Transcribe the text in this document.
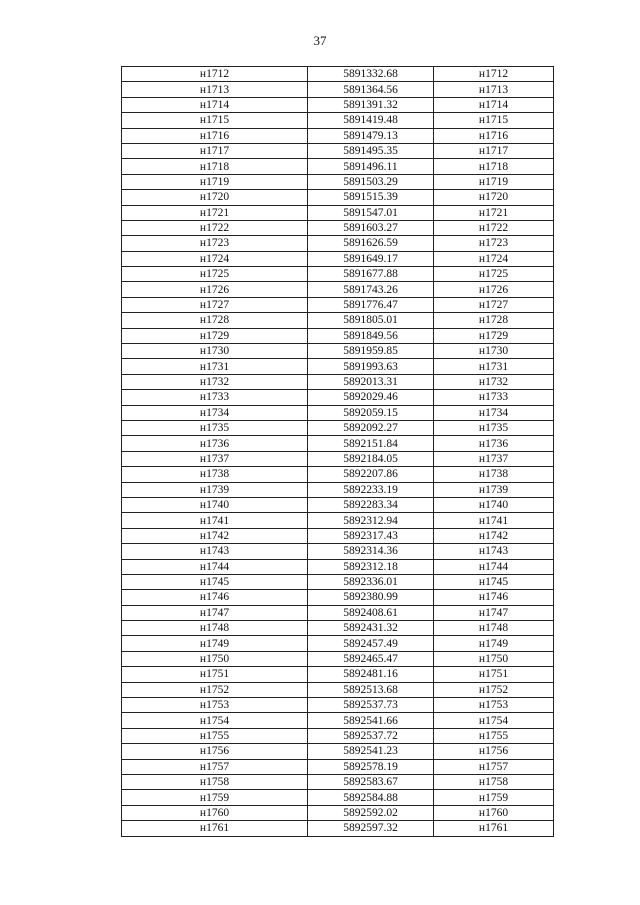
37
н1712	5891332.68	н1712
н1713	5891364.56	н1713
н1714	5891391.32	н1714
н1715	5891419.48	н1715
н1716	5891479.13	н1716
н1717	5891495.35	н1717
н1718	5891496.11	н1718
н1719	5891503.29	н1719
н1720	5891515.39	н1720
н1721	5891547.01	н1721
н1722	5891603.27	н1722
н1723	5891626.59	н1723
н1724	5891649.17	н1724
н1725	5891677.88	н1725
н1726	5891743.26	н1726
н1727	5891776.47	н1727
н1728	5891805.01	н1728
н1729	5891849.56	н1729
н1730	5891959.85	н1730
н1731	5891993.63	н1731
н1732	5892013.31	н1732
н1733	5892029.46	н1733
н1734	5892059.15	н1734
н1735	5892092.27	н1735
н1736	5892151.84	н1736
н1737	5892184.05	н1737
н1738	5892207.86	н1738
н1739	5892233.19	н1739
н1740	5892283.34	н1740
н1741	5892312.94	н1741
н1742	5892317.43	н1742
н1743	5892314.36	н1743
н1744	5892312.18	н1744
н1745	5892336.01	н1745
н1746	5892380.99	н1746
н1747	5892408.61	н1747
н1748	5892431.32	н1748
н1749	5892457.49	н1749
н1750	5892465.47	н1750
н1751	5892481.16	н1751
н1752	5892513.68	н1752
н1753	5892537.73	н1753
н1754	5892541.66	н1754
н1755	5892537.72	н1755
н1756	5892541.23	н1756
н1757	5892578.19	н1757
н1758	5892583.67	н1758
н1759	5892584.88	н1759
н1760	5892592.02	н1760
н1761	5892597.32	н1761
